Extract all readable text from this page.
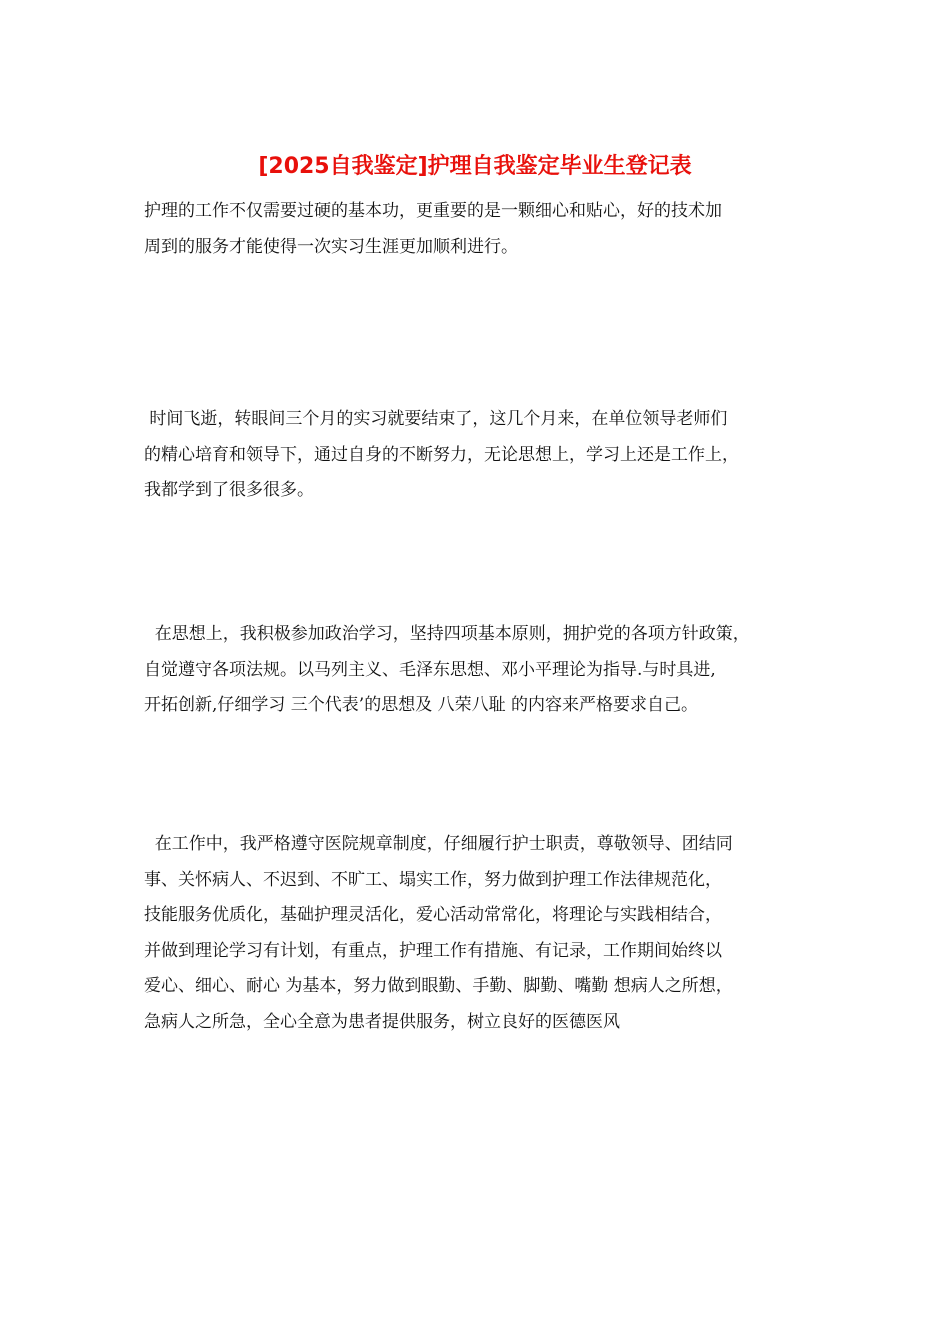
[2025自我鉴定]护理自我鉴定毕业生登记表
护理的工作不仅需要过硬的基本功，更重要的是一颗细心和贴心，好的技术加
周到的服务才能使得一次实习生涯更加顺利进行。
时间飞逝，转眼间三个月的实习就要结束了，这几个月来，在单位领导老师们
的精心培育和领导下，通过自身的不断努力，无论思想上，学习上还是工作上，
我都学到了很多很多。
在思想上，我积极参加政治学习，坚持四项基本原则，拥护党的各项方针政策，
自觉遵守各项法规。以马列主义、毛泽东思想、邓小平理论为指导.与时具进,
开拓创新,仔细学习 三个代表’的思想及 八荣八耻 的内容来严格要求自己。
在工作中，我严格遵守医院规章制度，仔细履行护士职责，尊敬领导、团结同
事、关怀病人、不迟到、不旷工、塌实工作，努力做到护理工作法律规范化，
技能服务优质化，基础护理灵活化，爱心活动常常化，将理论与实践相结合，
并做到理论学习有计划，有重点，护理工作有措施、有记录，工作期间始终以
爱心、细心、耐心 为基本，努力做到眼勤、手勤、脚勤、嘴勤 想病人之所想，
急病人之所急，全心全意为患者提供服务，树立良好的医德医风
